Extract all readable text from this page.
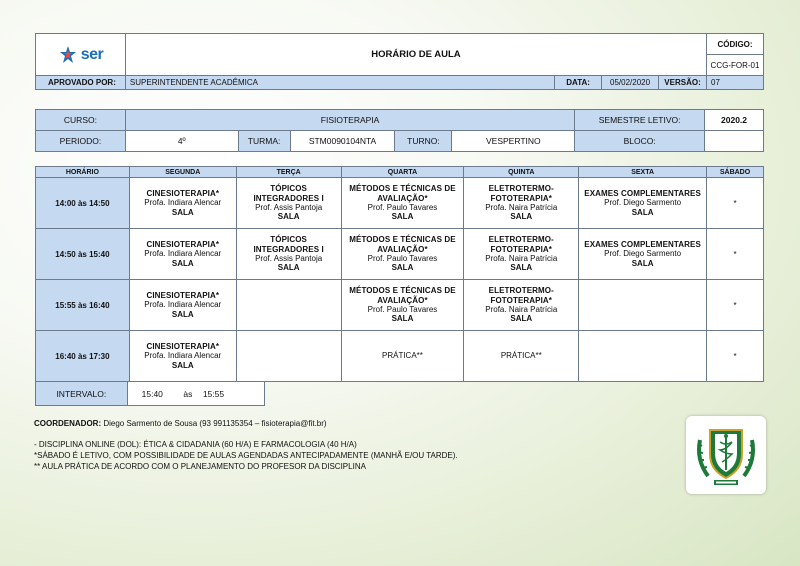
ser	HORÁRIO DE AULA				CÓDIGO:
					CCG-FOR-01
APROVADO POR:	SUPERINTENDENTE ACADÊMICA	DATA:	05/02/2020	VERSÃO:	07
CURSO:	FISIOTERAPIA					SEMESTRE LETIVO:	2020.2
PERIODO:	4º	TURMA:	STM0090104NTA	TURNO:	VESPERTINO	BLOCO:	
HORÁRIO	SEGUNDA	TERÇA	QUARTA	QUINTA	SEXTA	SÁBADO
14:00 às 14:50	CINESIOTERAPIA*
Profa. Indiara Alencar
SALA	TÓPICOS INTEGRADORES I
Prof. Assis Pantoja
SALA	MÉTODOS E TÉCNICAS DE AVALIAÇÃO*
Prof. Paulo Tavares
SALA	ELETROTERMO-FOTOTERAPIA*
Profa. Naira Patrícia
SALA	EXAMES COMPLEMENTARES
Prof. Diego Sarmento
SALA	*
14:50 às 15:40	CINESIOTERAPIA*
Profa. Indiara Alencar
SALA	TÓPICOS INTEGRADORES I
Prof. Assis Pantoja
SALA	MÉTODOS E TÉCNICAS DE AVALIAÇÃO*
Prof. Paulo Tavares
SALA	ELETROTERMO-FOTOTERAPIA*
Profa. Naira Patrícia
SALA	EXAMES COMPLEMENTARES
Prof. Diego Sarmento
SALA	*
15:55 às 16:40	CINESIOTERAPIA*
Profa. Indiara Alencar
SALA		MÉTODOS E TÉCNICAS DE AVALIAÇÃO*
Prof. Paulo Tavares
SALA	ELETROTERMO-FOTOTERAPIA*
Profa. Naira Patrícia
SALA		*
16:40 às 17:30	CINESIOTERAPIA*
Profa. Indiara Alencar
SALA		PRÁTICA**	PRÁTICA**		*
INTERVALO:	15:40	às	15:55
COORDENADOR: Diego Sarmento de Sousa (93 991135354 – fisioterapia@fit.br)
- DISCIPLINA ONLINE (DOL): ÉTICA & CIDADANIA (60 H/A) E FARMACOLOGIA (40 H/A)
*SÁBADO É LETIVO, COM POSSIBILIDADE DE AULAS AGENDADAS ANTECIPADAMENTE (MANHÃ E/OU TARDE).
** AULA PRÁTICA DE ACORDO COM O PLANEJAMENTO DO PROFESOR DA DISCIPLINA
